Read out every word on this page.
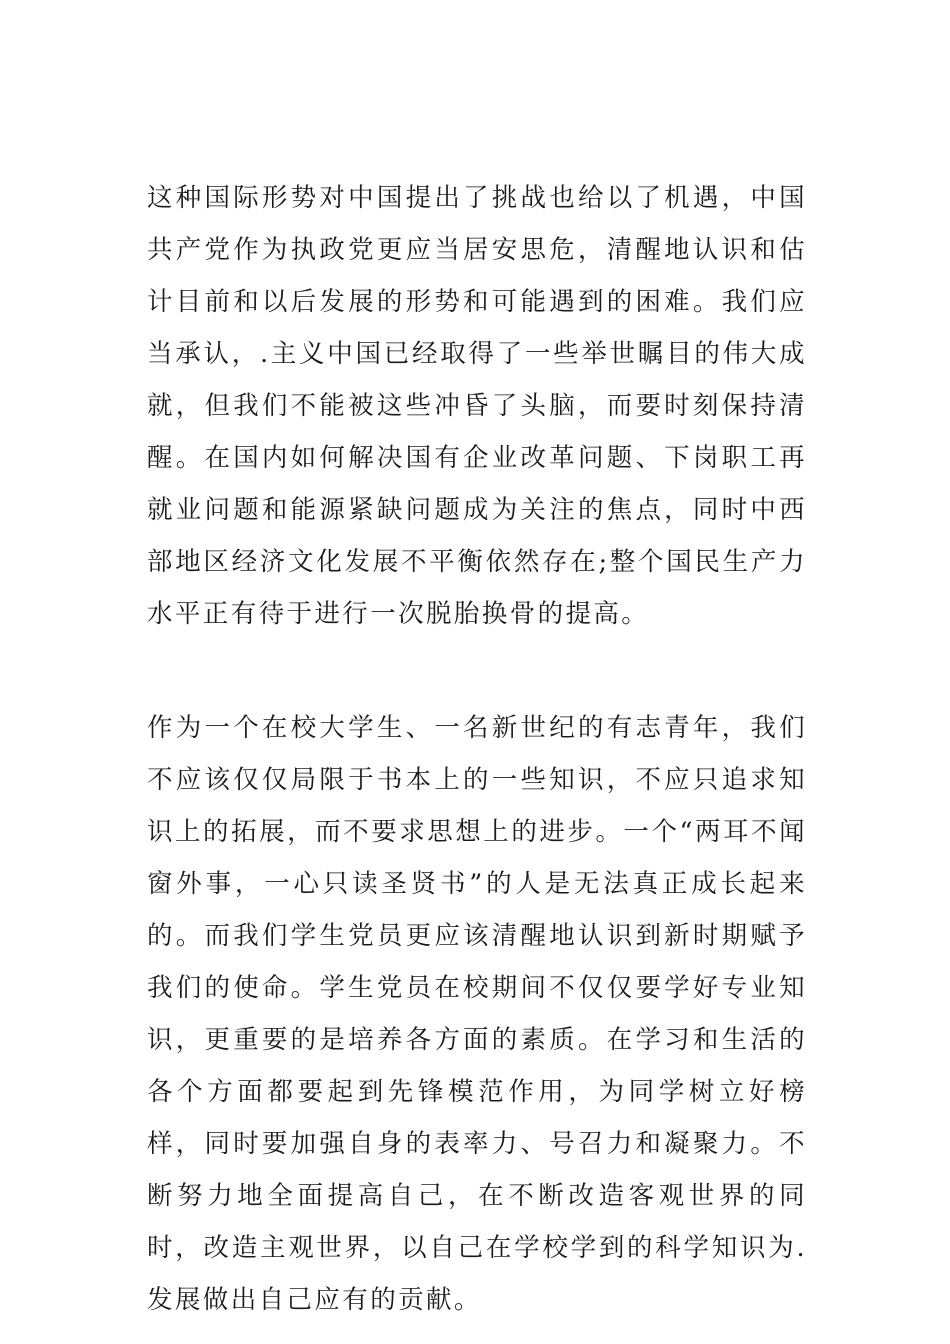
这种国际形势对中国提出了挑战也给以了机遇，中国共产党作为执政党更应当居安思危，清醒地认识和估计目前和以后发展的形势和可能遇到的困难。我们应当承认，.主义中国已经取得了一些举世瞩目的伟大成就，但我们不能被这些冲昏了头脑，而要时刻保持清醒。在国内如何解决国有企业改革问题、下岗职工再就业问题和能源紧缺问题成为关注的焦点，同时中西部地区经济文化发展不平衡依然存在;整个国民生产力水平正有待于进行一次脱胎换骨的提高。

作为一个在校大学生、一名新世纪的有志青年，我们不应该仅仅局限于书本上的一些知识，不应只追求知识上的拓展，而不要求思想上的进步。一个“两耳不闻窗外事，一心只读圣贤书”的人是无法真正成长起来的。而我们学生党员更应该清醒地认识到新时期赋予我们的使命。学生党员在校期间不仅仅要学好专业知识，更重要的是培养各方面的素质。在学习和生活的各个方面都要起到先锋模范作用，为同学树立好榜样，同时要加强自身的表率力、号召力和凝聚力。不断努力地全面提高自己，在不断改造客观世界的同时，改造主观世界，以自己在学校学到的科学知识为.发展做出自己应有的贡献。
